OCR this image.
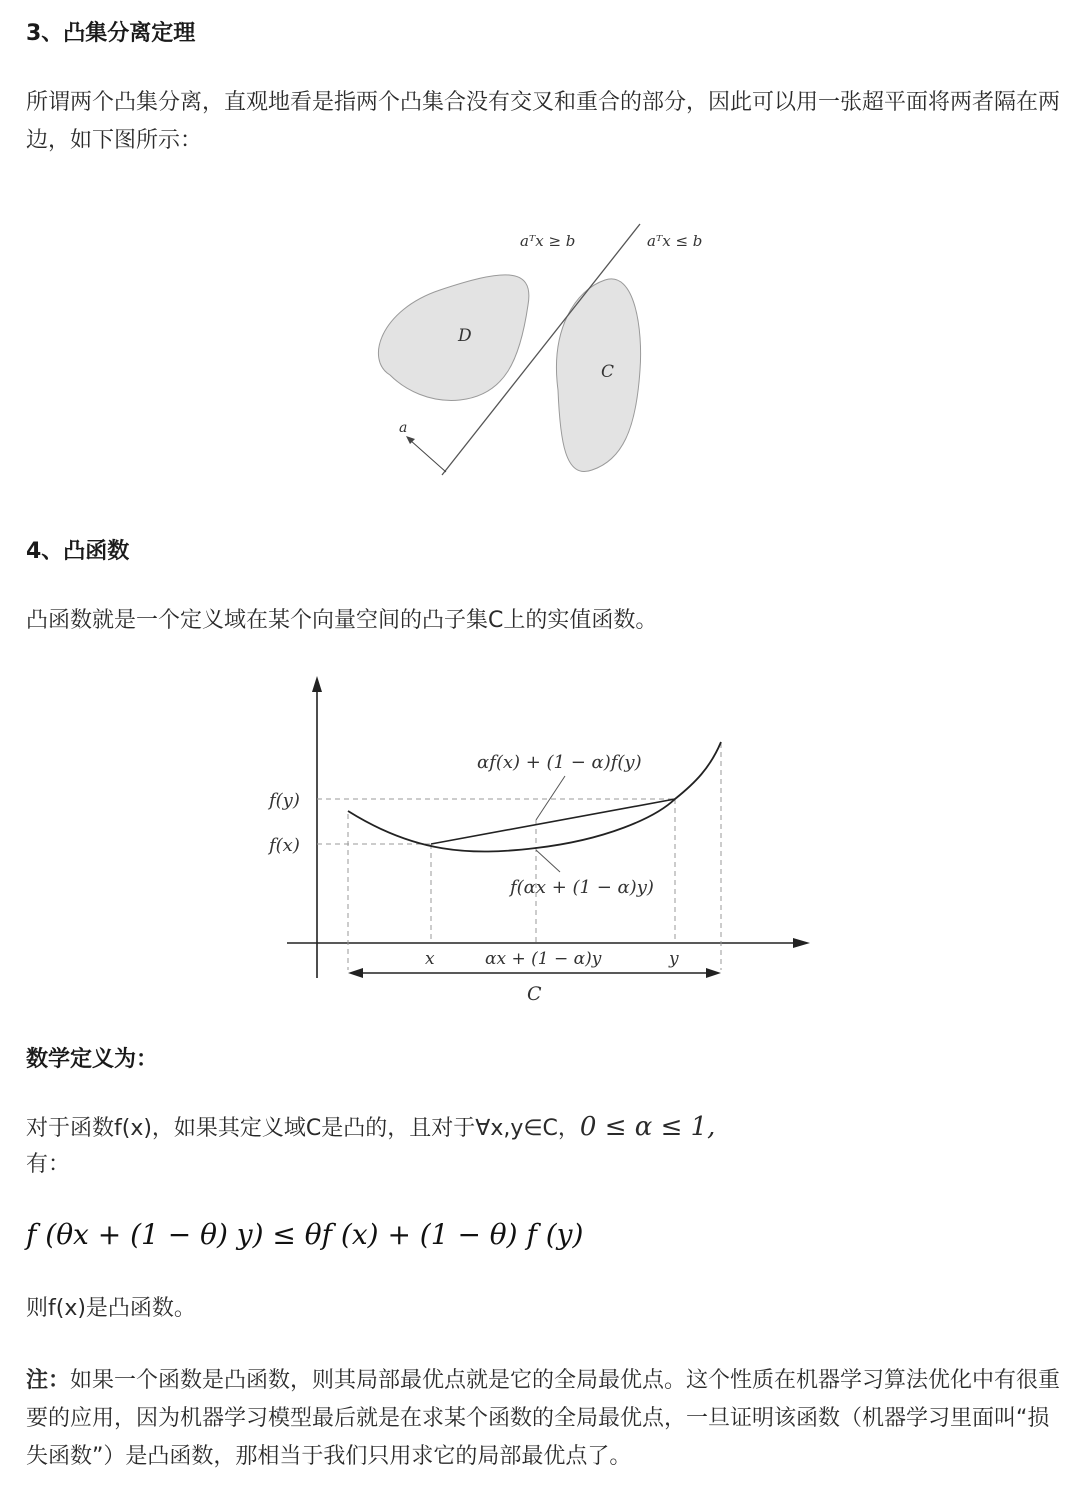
3、凸集分离定理
所谓两个凸集分离，直观地看是指两个凸集合没有交叉和重合的部分，因此可以用一张超平面将两者隔在两边，如下图所示：
aᵀx ≥ b	aᵀx ≤ b
D
C
a
4、凸函数
凸函数就是一个定义域在某个向量空间的凸子集C上的实值函数。
f(y)
f(x)
αf(x) + (1 − α)f(y)
f(αx + (1 − α)y)
x	αx + (1 − α)y	y
C
数学定义为：
对于函数f(x)，如果其定义域C是凸的，且对于∀x,y∈C，0 ≤ α ≤ 1,
有：
f (θx + (1 − θ) y) ≤ θf (x) + (1 − θ) f (y)
则f(x)是凸函数。
注：如果一个函数是凸函数，则其局部最优点就是它的全局最优点。这个性质在机器学习算法优化中有很重要的应用，因为机器学习模型最后就是在求某个函数的全局最优点，一旦证明该函数（机器学习里面叫“损失函数”）是凸函数，那相当于我们只用求它的局部最优点了。
